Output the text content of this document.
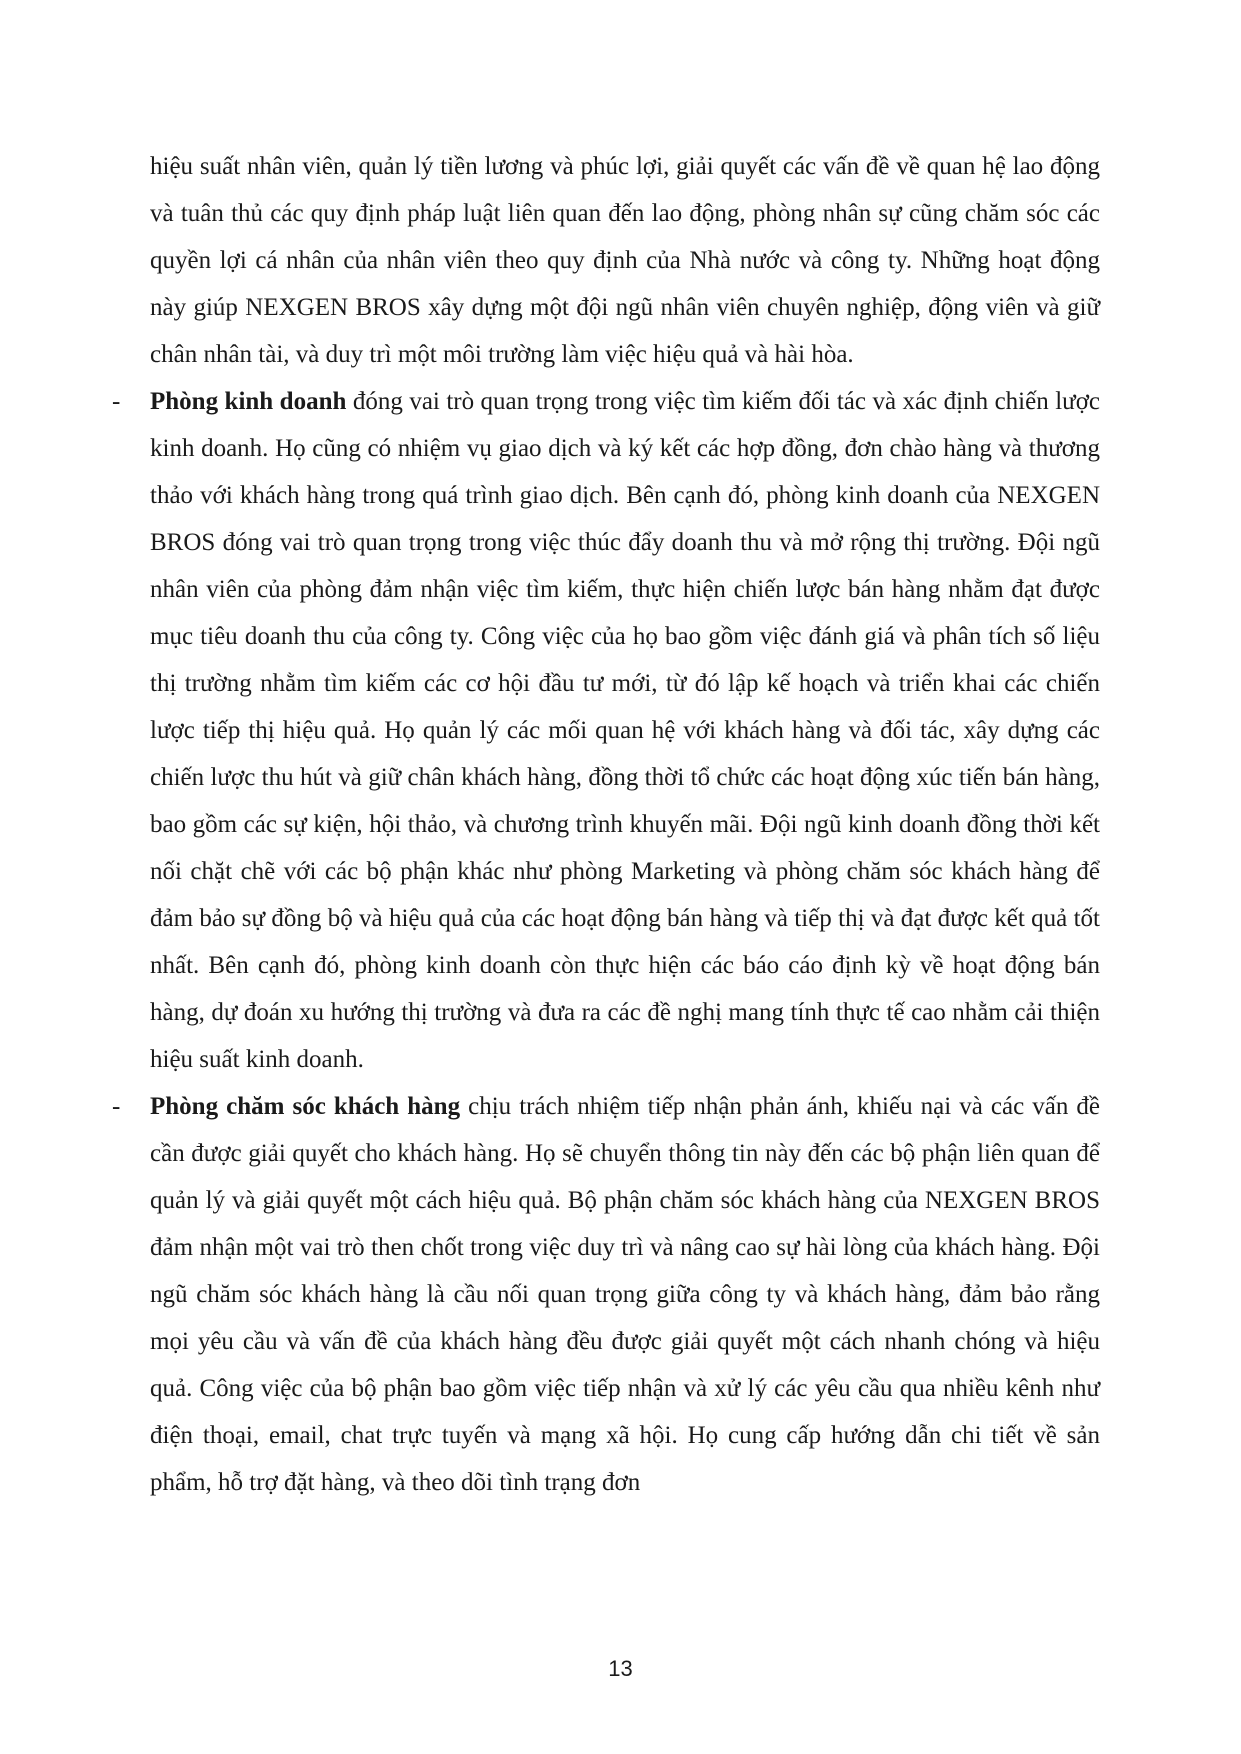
hiệu suất nhân viên, quản lý tiền lương và phúc lợi, giải quyết các vấn đề về quan hệ lao động và tuân thủ các quy định pháp luật liên quan đến lao động, phòng nhân sự cũng chăm sóc các quyền lợi cá nhân của nhân viên theo quy định của Nhà nước và công ty. Những hoạt động này giúp NEXGEN BROS xây dựng một đội ngũ nhân viên chuyên nghiệp, động viên và giữ chân nhân tài, và duy trì một môi trường làm việc hiệu quả và hài hòa.

- Phòng kinh doanh đóng vai trò quan trọng trong việc tìm kiếm đối tác và xác định chiến lược kinh doanh. Họ cũng có nhiệm vụ giao dịch và ký kết các hợp đồng, đơn chào hàng và thương thảo với khách hàng trong quá trình giao dịch. Bên cạnh đó, phòng kinh doanh của NEXGEN BROS đóng vai trò quan trọng trong việc thúc đẩy doanh thu và mở rộng thị trường. Đội ngũ nhân viên của phòng đảm nhận việc tìm kiếm, thực hiện chiến lược bán hàng nhằm đạt được mục tiêu doanh thu của công ty. Công việc của họ bao gồm việc đánh giá và phân tích số liệu thị trường nhằm tìm kiếm các cơ hội đầu tư mới, từ đó lập kế hoạch và triển khai các chiến lược tiếp thị hiệu quả. Họ quản lý các mối quan hệ với khách hàng và đối tác, xây dựng các chiến lược thu hút và giữ chân khách hàng, đồng thời tổ chức các hoạt động xúc tiến bán hàng, bao gồm các sự kiện, hội thảo, và chương trình khuyến mãi. Đội ngũ kinh doanh đồng thời kết nối chặt chẽ với các bộ phận khác như phòng Marketing và phòng chăm sóc khách hàng để đảm bảo sự đồng bộ và hiệu quả của các hoạt động bán hàng và tiếp thị và đạt được kết quả tốt nhất. Bên cạnh đó, phòng kinh doanh còn thực hiện các báo cáo định kỳ về hoạt động bán hàng, dự đoán xu hướng thị trường và đưa ra các đề nghị mang tính thực tế cao nhằm cải thiện hiệu suất kinh doanh.

- Phòng chăm sóc khách hàng chịu trách nhiệm tiếp nhận phản ánh, khiếu nại và các vấn đề cần được giải quyết cho khách hàng. Họ sẽ chuyển thông tin này đến các bộ phận liên quan để quản lý và giải quyết một cách hiệu quả. Bộ phận chăm sóc khách hàng của NEXGEN BROS đảm nhận một vai trò then chốt trong việc duy trì và nâng cao sự hài lòng của khách hàng. Đội ngũ chăm sóc khách hàng là cầu nối quan trọng giữa công ty và khách hàng, đảm bảo rằng mọi yêu cầu và vấn đề của khách hàng đều được giải quyết một cách nhanh chóng và hiệu quả. Công việc của bộ phận bao gồm việc tiếp nhận và xử lý các yêu cầu qua nhiều kênh như điện thoại, email, chat trực tuyến và mạng xã hội. Họ cung cấp hướng dẫn chi tiết về sản phẩm, hỗ trợ đặt hàng, và theo dõi tình trạng đơn

13
